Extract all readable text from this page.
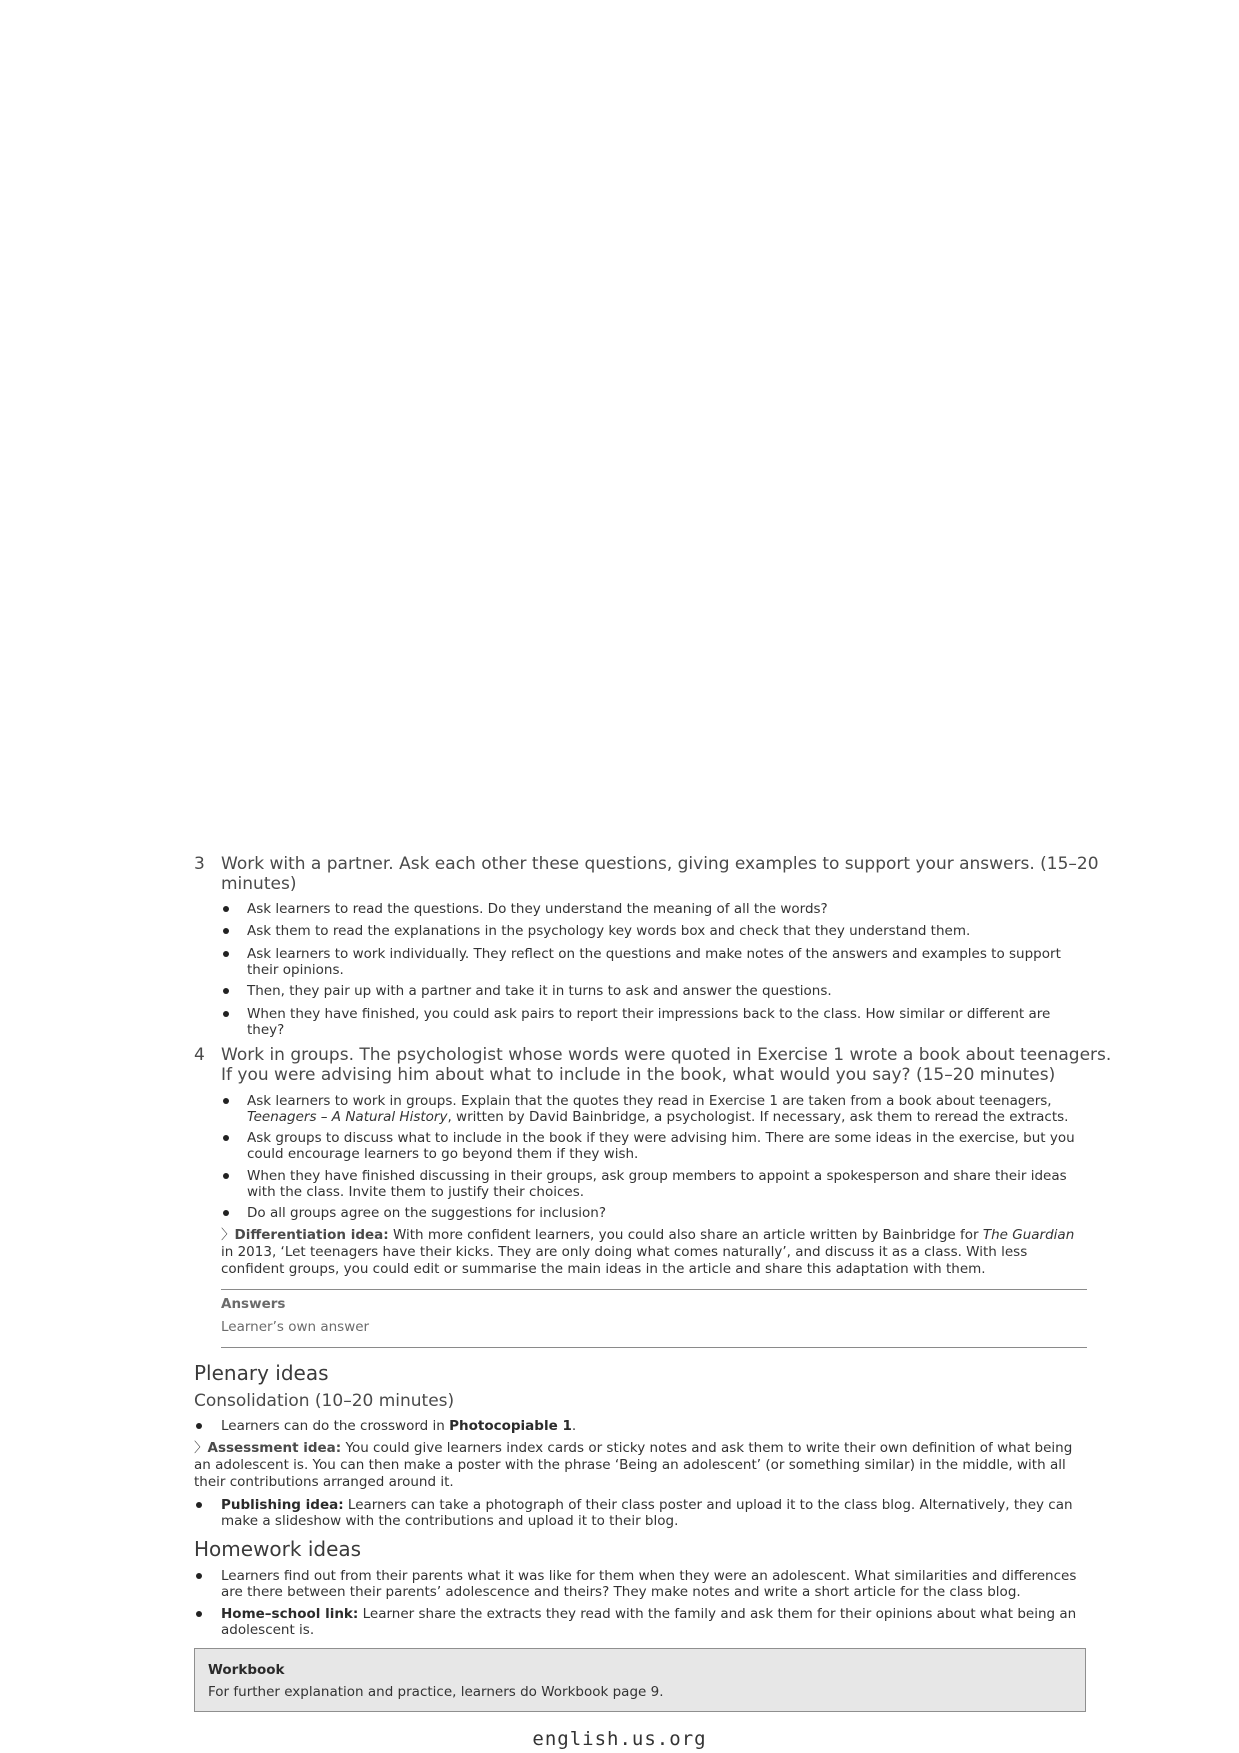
3 Work with a partner. Ask each other these questions, giving examples to support your answers. (15–20 minutes)
Ask learners to read the questions. Do they understand the meaning of all the words?
Ask them to read the explanations in the psychology key words box and check that they understand them.
Ask learners to work individually. They reflect on the questions and make notes of the answers and examples to support their opinions.
Then, they pair up with a partner and take it in turns to ask and answer the questions.
When they have finished, you could ask pairs to report their impressions back to the class. How similar or different are they?
4 Work in groups. The psychologist whose words were quoted in Exercise 1 wrote a book about teenagers. If you were advising him about what to include in the book, what would you say? (15–20 minutes)
Ask learners to work in groups. Explain that the quotes they read in Exercise 1 are taken from a book about teenagers, Teenagers – A Natural History, written by David Bainbridge, a psychologist. If necessary, ask them to reread the extracts.
Ask groups to discuss what to include in the book if they were advising him. There are some ideas in the exercise, but you could encourage learners to go beyond them if they wish.
When they have finished discussing in their groups, ask group members to appoint a spokesperson and share their ideas with the class. Invite them to justify their choices.
Do all groups agree on the suggestions for inclusion?
〉Differentiation idea: With more confident learners, you could also share an article written by Bainbridge for The Guardian in 2013, ‘Let teenagers have their kicks. They are only doing what comes naturally’, and discuss it as a class. With less confident groups, you could edit or summarise the main ideas in the article and share this adaptation with them.
Answers
Learner’s own answer
Plenary ideas
Consolidation (10–20 minutes)
Learners can do the crossword in Photocopiable 1.
〉Assessment idea: You could give learners index cards or sticky notes and ask them to write their own definition of what being an adolescent is. You can then make a poster with the phrase ‘Being an adolescent’ (or something similar) in the middle, with all their contributions arranged around it.
Publishing idea: Learners can take a photograph of their class poster and upload it to the class blog. Alternatively, they can make a slideshow with the contributions and upload it to their blog.
Homework ideas
Learners find out from their parents what it was like for them when they were an adolescent. What similarities and differences are there between their parents’ adolescence and theirs? They make notes and write a short article for the class blog.
Home–school link: Learner share the extracts they read with the family and ask them for their opinions about what being an adolescent is.
Workbook
For further explanation and practice, learners do Workbook page 9.
english.us.org
